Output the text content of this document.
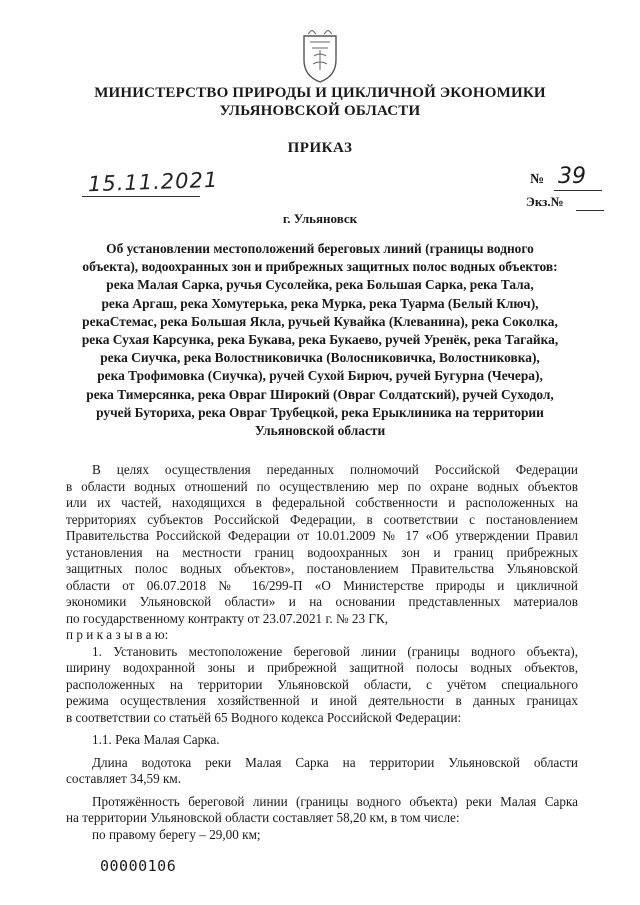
МИНИСТЕРСТВО ПРИРОДЫ И ЦИКЛИЧНОЙ ЭКОНОМИКИ
УЛЬЯНОВСКОЙ ОБЛАСТИ
ПРИКАЗ
15.11.2021	№ 39
Экз.№
г. Ульяновск
Об установлении местоположений береговых линий (границы водного
объекта), водоохранных зон и прибрежных защитных полос водных объектов:
река Малая Сарка, ручья Сусолейка, река Большая Сарка, река Тала,
река Аргаш, река Хомутерька, река Мурка, река Туарма (Белый Ключ),
рекаСтемас, река Большая Якла, ручьей Кувайка (Клеванина), река Соколка,
река Сухая Карсунка, река Букава, река Букаево, ручей Уренёк, река Тагайка,
река Сиучка, река Волостниковичка (Волосниковичка, Волостниковка),
река Трофимовка (Сиучка), ручей Сухой Бирюч, ручей Бугурна (Чечера),
река Тимерсянка, река Овраг Широкий (Овраг Солдатский), ручей Суходол,
ручей Буториха, река Овраг Трубецкой, река Ерыклиника на территории
Ульяновской области
В целях осуществления переданных полномочий Российской Федерации
в области водных отношений по осуществлению мер по охране водных объектов
или их частей, находящихся в федеральной собственности и расположенных на
территориях субъектов Российской Федерации, в соответствии с постановлением
Правительства Российской Федерации от 10.01.2009 № 17 «Об утверждении Правил
установления на местности границ водоохранных зон и границ прибрежных
защитных полос водных объектов», постановлением Правительства Ульяновской
области от 06.07.2018 № 16/299-П «О Министерстве природы и цикличной
экономики Ульяновской области» и на основании представленных материалов
по государственному контракту от 23.07.2021 г. № 23 ГК,
п р и к а з ы в а ю:
1. Установить местоположение береговой линии (границы водного объекта),
ширину водохранной зоны и прибрежной защитной полосы водных объектов,
расположенных на территории Ульяновской области, с учётом специального
режима осуществления хозяйственной и иной деятельности в данных границах
в соответствии со статьёй 65 Водного кодекса Российской Федерации:
1.1. Река Малая Сарка.
Длина водотока реки Малая Сарка на территории Ульяновской области
составляет 34,59 км.
Протяжённость береговой линии (границы водного объекта) реки Малая Сарка
на территории Ульяновской области составляет 58,20 км, в том числе:
по правому берегу – 29,00 км;
00000106
